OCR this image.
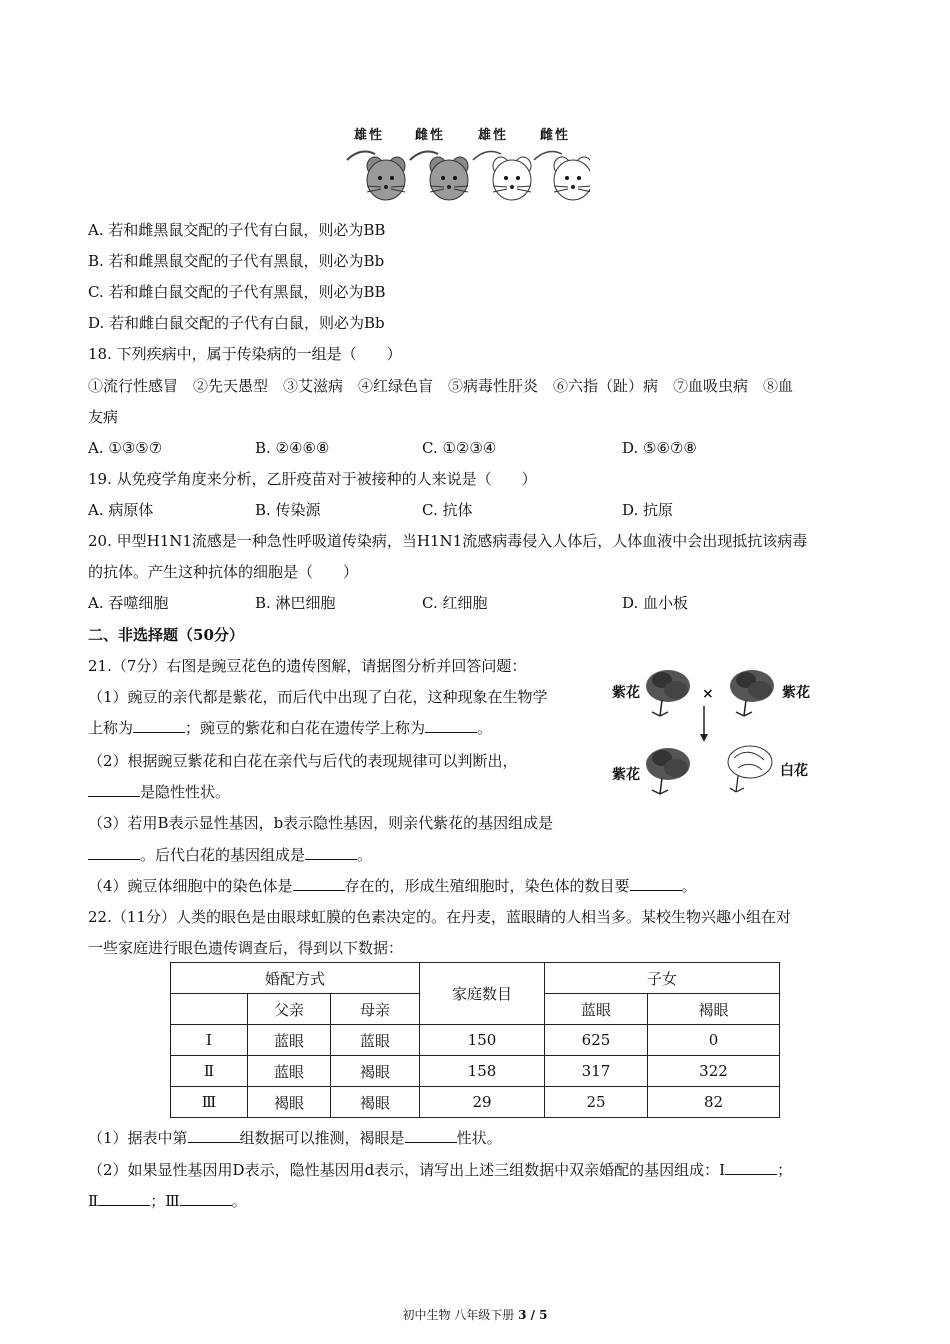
雄性 雌性	雄性 雌性
A. 若和雌黑鼠交配的子代有白鼠，则必为BB
B. 若和雌黑鼠交配的子代有黑鼠，则必为Bb
C. 若和雌白鼠交配的子代有黑鼠，则必为BB
D. 若和雌白鼠交配的子代有白鼠，则必为Bb
18. 下列疾病中，属于传染病的一组是（　　）
①流行性感冒　②先天愚型　③艾滋病　④红绿色盲　⑤病毒性肝炎　⑥六指（趾）病　⑦血吸虫病　⑧血
友病
A. ①③⑤⑦	B. ②④⑥⑧	C. ①②③④	D. ⑤⑥⑦⑧
19. 从免疫学角度来分析，乙肝疫苗对于被接种的人来说是（　　）
A. 病原体	B. 传染源	C. 抗体	D. 抗原
20. 甲型H1N1流感是一种急性呼吸道传染病，当H1N1流感病毒侵入人体后，人体血液中会出现抵抗该病毒
的抗体。产生这种抗体的细胞是（　　）
A. 吞噬细胞	B. 淋巴细胞	C. 红细胞	D. 血小板
二、非选择题（50分）
21.（7分）右图是豌豆花色的遗传图解，请据图分析并回答问题：
（1）豌豆的亲代都是紫花，而后代中出现了白花，这种现象在生物学
上称为	；豌豆的紫花和白花在遗传学上称为	。
（2）根据豌豆紫花和白花在亲代与后代的表现规律可以判断出，
是隐性性状。
（3）若用B表示显性基因，b表示隐性基因，则亲代紫花的基因组成是
。后代白花的基因组成是	。
（4）豌豆体细胞中的染色体是	存在的，形成生殖细胞时，染色体的数目要	。
紫花	×	紫花
紫花	白花
22.（11分）人类的眼色是由眼球虹膜的色素决定的。在丹麦，蓝眼睛的人相当多。某校生物兴趣小组在对
一些家庭进行眼色遗传调查后，得到以下数据：
婚配方式			家庭数目	子女	
	父亲	母亲		蓝眼	褐眼
Ⅰ	蓝眼	蓝眼	150	625	0
Ⅱ	蓝眼	褐眼	158	317	322
Ⅲ	褐眼	褐眼	29	25	82
（1）据表中第	组数据可以推测，褐眼是	性状。
（2）如果显性基因用D表示，隐性基因用d表示，请写出上述三组数据中双亲婚配的基因组成：Ⅰ	；
Ⅱ	；Ⅲ	。
初中生物 八年级下册 3 / 5
